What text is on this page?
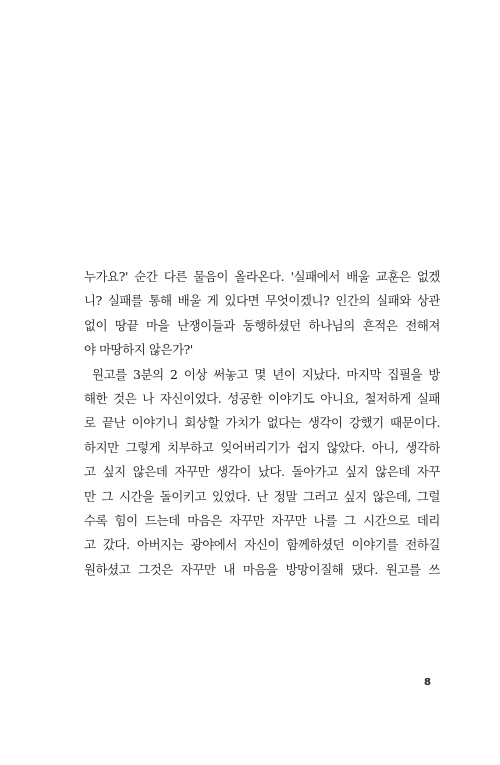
누가요?' 순간 다른 물음이 올라온다. '실패에서 배울 교훈은 없겠
니? 실패를 통해 배울 게 있다면 무엇이겠니? 인간의 실패와 상관
없이 땅끝 마을 난쟁이들과 동행하셨던 하나님의 흔적은 전해져
야 마땅하지 않은가?'
원고를 3분의 2 이상 써놓고 몇 년이 지났다. 마지막 집필을 방
해한 것은 나 자신이었다. 성공한 이야기도 아니요, 철저하게 실패
로 끝난 이야기니 회상할 가치가 없다는 생각이 강했기 때문이다.
하지만 그렇게 치부하고 잊어버리기가 쉽지 않았다. 아니, 생각하
고 싶지 않은데 자꾸만 생각이 났다. 돌아가고 싶지 않은데 자꾸
만 그 시간을 돌이키고 있었다. 난 정말 그러고 싶지 않은데, 그럴
수록 힘이 드는데 마음은 자꾸만 자꾸만 나를 그 시간으로 데리
고 갔다. 아버지는 광야에서 자신이 함께하셨던 이야기를 전하길
원하셨고 그것은 자꾸만 내 마음을 방망이질해 댔다. 원고를 쓰
8
